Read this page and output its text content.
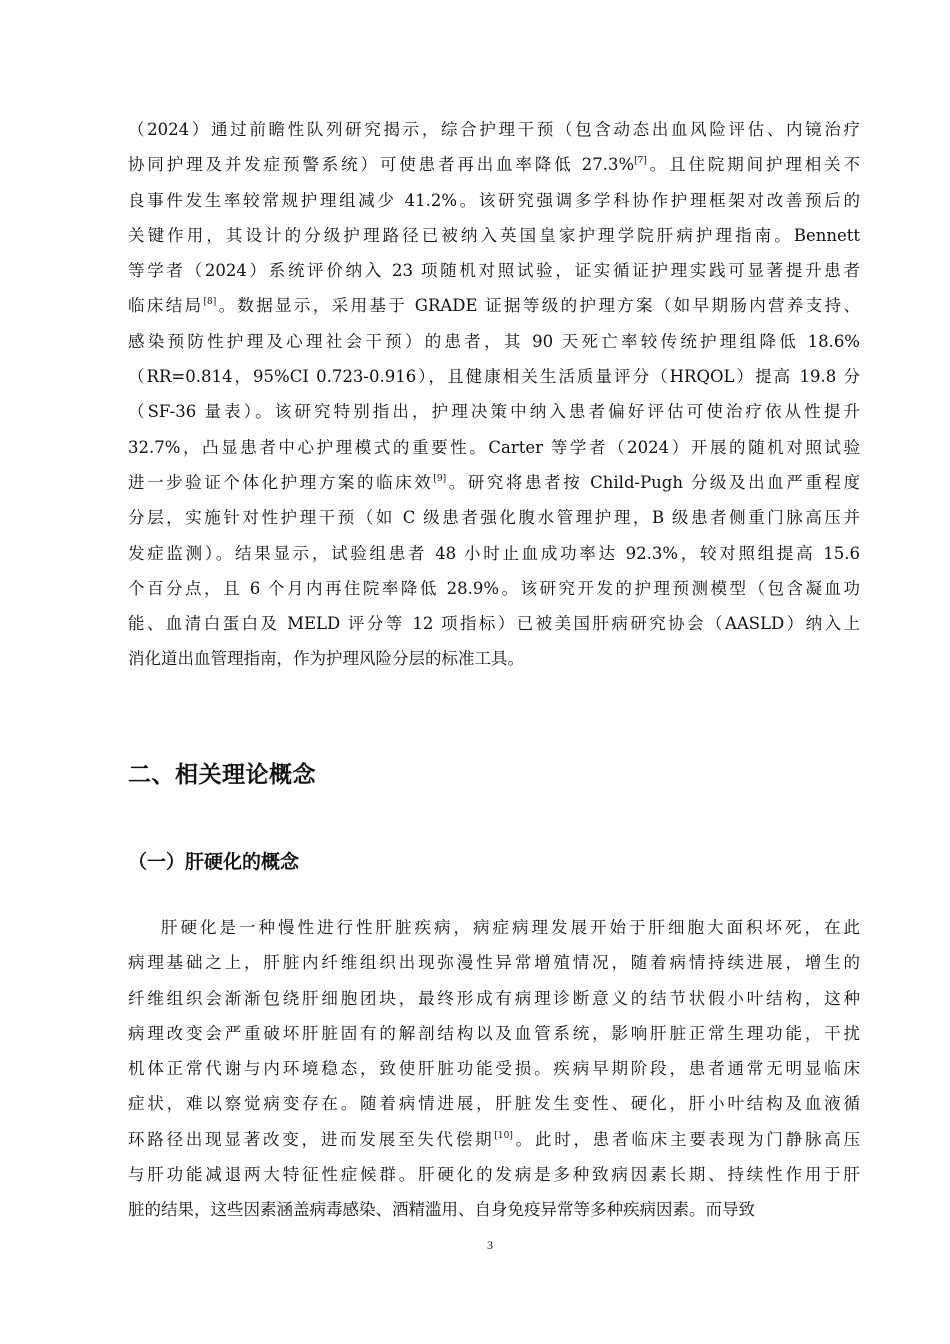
（2024）通过前瞻性队列研究揭示，综合护理干预（包含动态出血风险评估、内镜治疗
协同护理及并发症预警系统）可使患者再出血率降低 27.3%[7]。且住院期间护理相关不
良事件发生率较常规护理组减少 41.2%。该研究强调多学科协作护理框架对改善预后的
关键作用，其设计的分级护理路径已被纳入英国皇家护理学院肝病护理指南。Bennett
等学者（2024）系统评价纳入 23 项随机对照试验，证实循证护理实践可显著提升患者
临床结局[8]。数据显示，采用基于 GRADE 证据等级的护理方案（如早期肠内营养支持、
感染预防性护理及心理社会干预）的患者，其 90 天死亡率较传统护理组降低 18.6%
（RR=0.814，95%CI 0.723-0.916），且健康相关生活质量评分（HRQOL）提高 19.8 分
（SF-36 量表）。该研究特别指出，护理决策中纳入患者偏好评估可使治疗依从性提升
32.7%，凸显患者中心护理模式的重要性。Carter 等学者（2024）开展的随机对照试验
进一步验证个体化护理方案的临床效[9]。研究将患者按 Child-Pugh 分级及出血严重程度
分层，实施针对性护理干预（如 C 级患者强化腹水管理护理，B 级患者侧重门脉高压并
发症监测）。结果显示，试验组患者 48 小时止血成功率达 92.3%，较对照组提高 15.6
个百分点，且 6 个月内再住院率降低 28.9%。该研究开发的护理预测模型（包含凝血功
能、血清白蛋白及 MELD 评分等 12 项指标）已被美国肝病研究协会（AASLD）纳入上
消化道出血管理指南，作为护理风险分层的标准工具。

二、相关理论概念
（一）肝硬化的概念

肝硬化是一种慢性进行性肝脏疾病，病症病理发展开始于肝细胞大面积坏死，在此
病理基础之上，肝脏内纤维组织出现弥漫性异常增殖情况，随着病情持续进展，增生的
纤维组织会渐渐包绕肝细胞团块，最终形成有病理诊断意义的结节状假小叶结构，这种
病理改变会严重破坏肝脏固有的解剖结构以及血管系统，影响肝脏正常生理功能，干扰
机体正常代谢与内环境稳态，致使肝脏功能受损。疾病早期阶段，患者通常无明显临床
症状，难以察觉病变存在。随着病情进展，肝脏发生变性、硬化，肝小叶结构及血液循
环路径出现显著改变，进而发展至失代偿期[10]。此时，患者临床主要表现为门静脉高压
与肝功能减退两大特征性症候群。肝硬化的发病是多种致病因素长期、持续性作用于肝
脏的结果，这些因素涵盖病毒感染、酒精滥用、自身免疫异常等多种疾病因素。而导致

3
